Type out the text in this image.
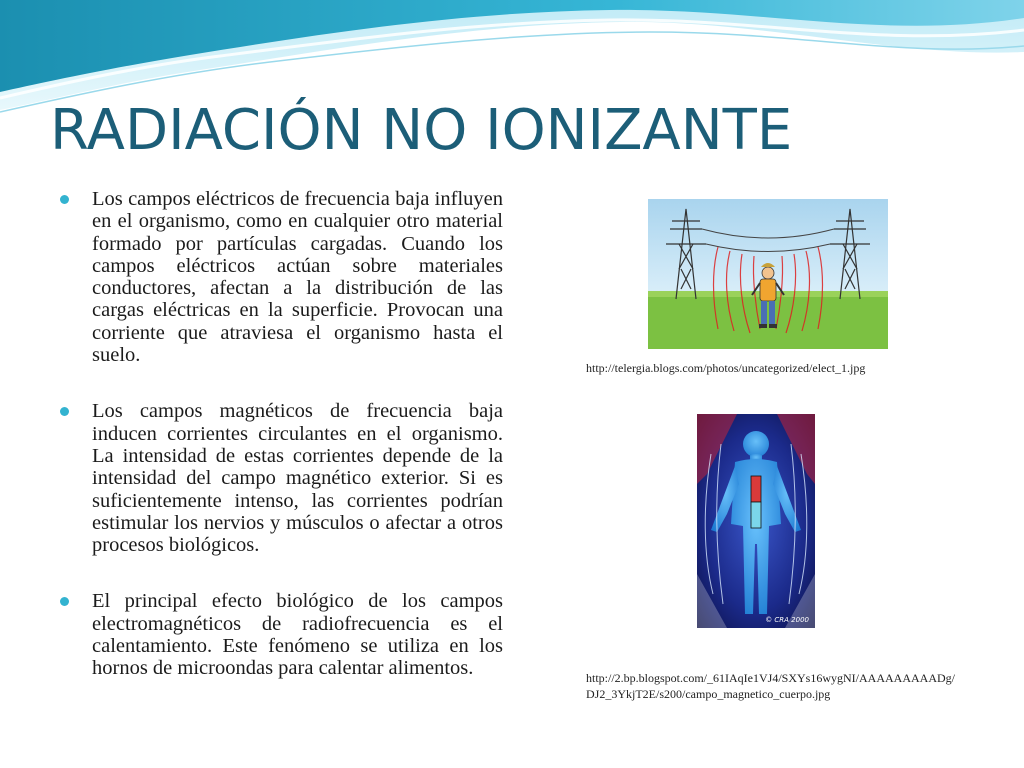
RADIACIÓN NO IONIZANTE
Los campos eléctricos de frecuencia baja influyen en el organismo, como en cualquier otro material formado por partículas cargadas. Cuando los campos eléctricos actúan sobre materiales conductores, afectan a la distribución de las cargas eléctricas en la superficie. Provocan una corriente que atraviesa el organismo hasta el suelo.
Los campos magnéticos de frecuencia baja inducen corrientes circulantes en el organismo. La intensidad de estas corrientes depende de la intensidad del campo magnético exterior. Si es suficientemente intenso, las corrientes podrían estimular los nervios y músculos o afectar a otros procesos biológicos.
El principal efecto biológico de los campos electromagnéticos de radiofrecuencia es el calentamiento. Este fenómeno se utiliza en los hornos de microondas para calentar alimentos.
http://telergia.blogs.com/photos/uncategorized/elect_1.jpg
© CRA 2000
http://2.bp.blogspot.com/_61IAqIe1VJ4/SXYs16wygNI/AAAAAAAAADg/DJ2_3YkjT2E/s200/campo_magnetico_cuerpo.jpg
